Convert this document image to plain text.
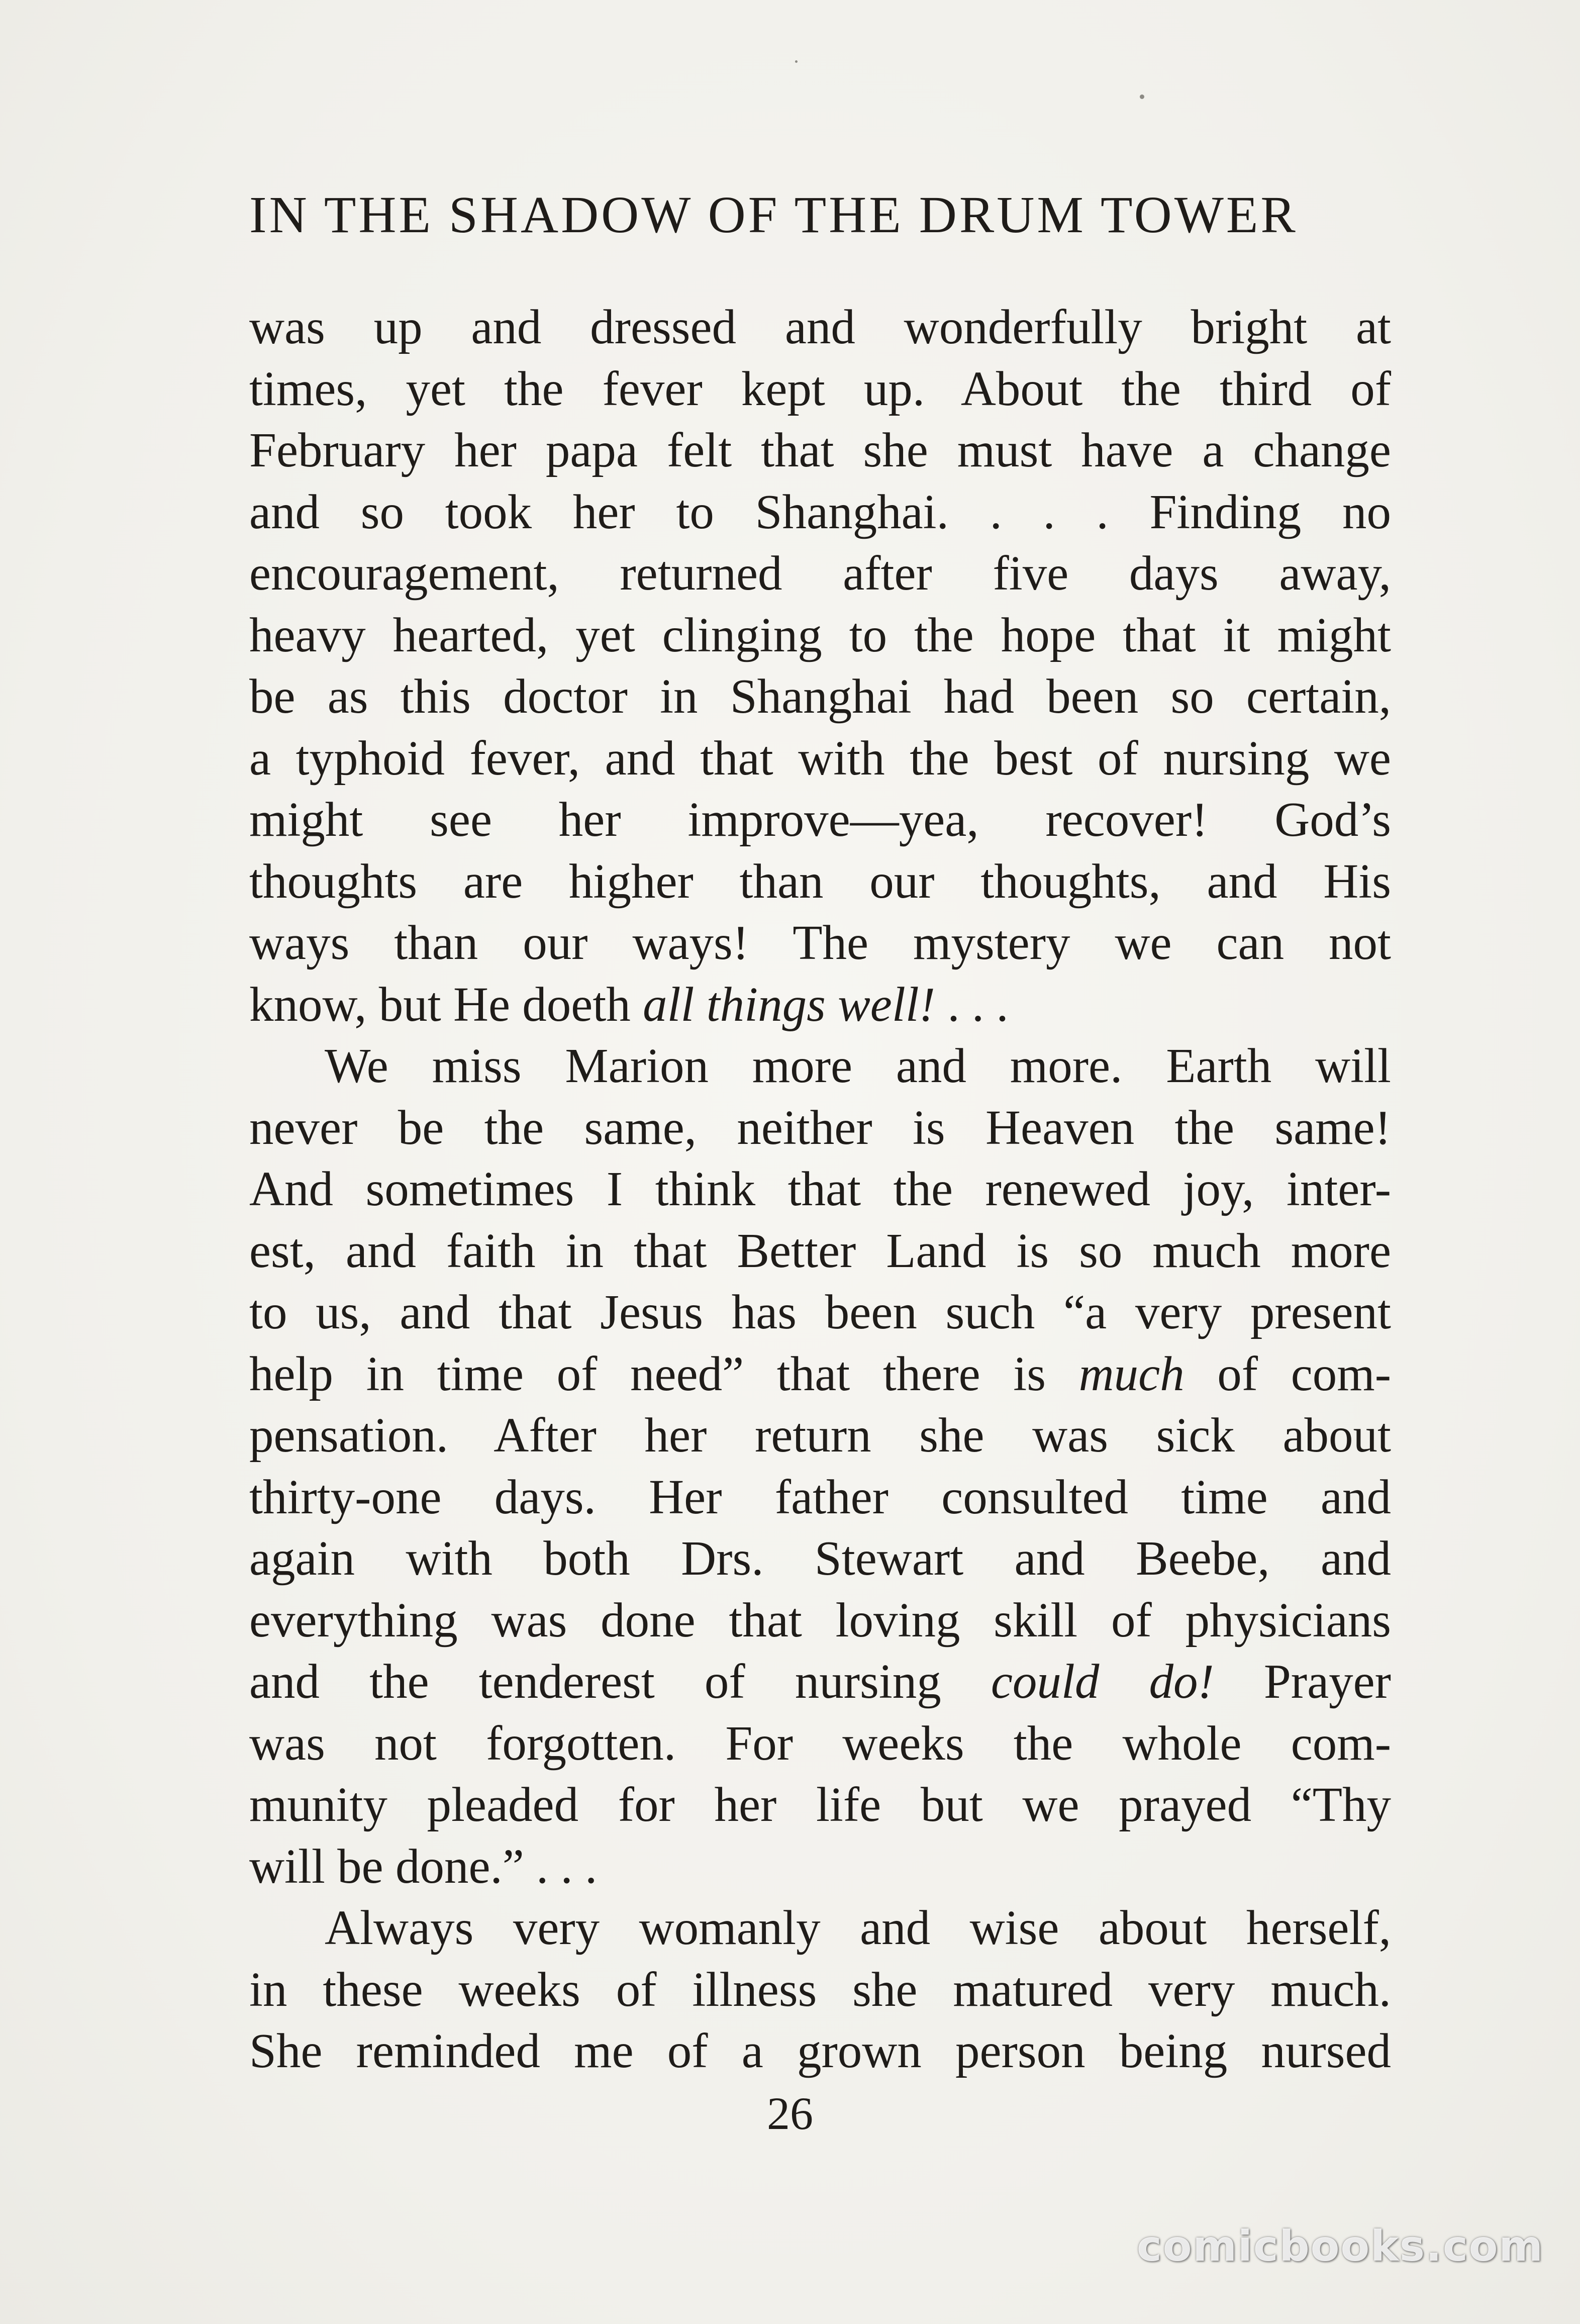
IN THE SHADOW OF THE DRUM TOWER
was up and dressed and wonderfully bright at
times, yet the fever kept up. About the third of
February her papa felt that she must have a change
and so took her to Shanghai. . . . Finding no
encouragement, returned after five days away,
heavy hearted, yet clinging to the hope that it might
be as this doctor in Shanghai had been so certain,
a typhoid fever, and that with the best of nursing we
might see her improve—yea, recover! God’s
thoughts are higher than our thoughts, and His
ways than our ways! The mystery we can not
know, but He doeth all things well! . . .
We miss Marion more and more. Earth will
never be the same, neither is Heaven the same!
And sometimes I think that the renewed joy, inter-
est, and faith in that Better Land is so much more
to us, and that Jesus has been such “a very present
help in time of need” that there is much of com-
pensation. After her return she was sick about
thirty-one days. Her father consulted time and
again with both Drs. Stewart and Beebe, and
everything was done that loving skill of physicians
and the tenderest of nursing could do! Prayer
was not forgotten. For weeks the whole com-
munity pleaded for her life but we prayed “Thy
will be done.” . . .
Always very womanly and wise about herself,
in these weeks of illness she matured very much.
She reminded me of a grown person being nursed
26
comicbooks.com
